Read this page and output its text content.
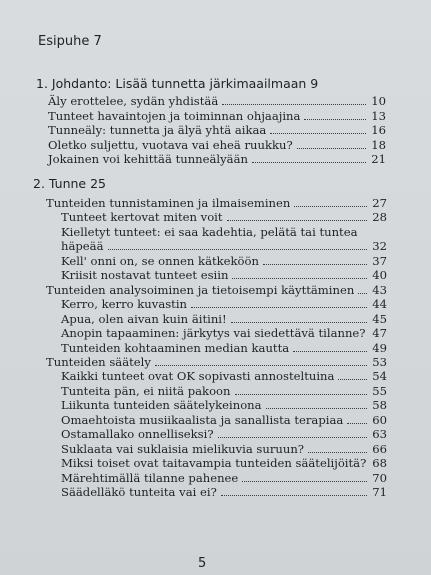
Esipuhe 7
1. Johdanto: Lisää tunnetta järkimaailmaan 9
Äly erottelee, sydän yhdistää	10
Tunteet havaintojen ja toiminnan ohjaajina	13
Tunneäly: tunnetta ja älyä yhtä aikaa	16
Oletko suljettu, vuotava vai eheä ruukku?	18
Jokainen voi kehittää tunneälyään	21
2. Tunne 25
Tunteiden tunnistaminen ja ilmaiseminen	27
Tunteet kertovat miten voit	28
Kielletyt tunteet: ei saa kadehtia, pelätä tai tuntea
häpeää	32
Kell' onni on, se onnen kätkeköön	37
Kriisit nostavat tunteet esiin	40
Tunteiden analysoiminen ja tietoisempi käyttäminen 43
Kerro, kerro kuvastin	44
Apua, olen aivan kuin äitini!	45
Anopin tapaaminen: järkytys vai siedettävä tilanne? 47
Tunteiden kohtaaminen median kautta	49
Tunteiden säätely	53
Kaikki tunteet ovat OK sopivasti annosteltuina	54
Tunteita pän, ei niitä pakoon	55
Liikunta tunteiden säätelykeinona	58
Omaehtoista musiikaalista ja sanallista terapiaa 60
Ostamallako onnelliseksi?	63
Suklaata vai suklaisia mielikuvia suruun?	66
Miksi toiset ovat taitavampia tunteiden säätelijöitä? 68
Märehtimällä tilanne pahenee	70
Säädelläkö tunteita vai ei?	71
5
